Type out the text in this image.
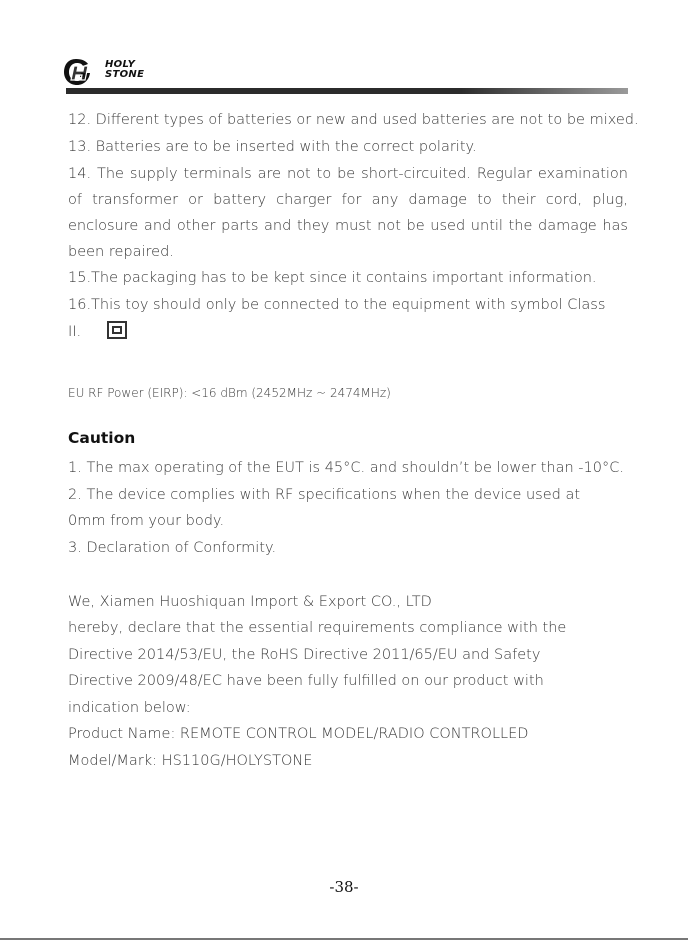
HOLY
STONE
12. Different types of batteries or new and used batteries are not to be mixed.
13. Batteries are to be inserted with the correct polarity.
14. The supply terminals are not to be short-circuited. Regular examination of transformer or battery charger for any damage to their cord, plug, enclosure and other parts and they must not be used until the damage has been repaired.
15.The packaging has to be kept since it contains important information.
16.This toy should only be connected to the equipment with symbol Class
II.
EU RF Power (EIRP): <16 dBm (2452MHz ~ 2474MHz)
Caution
1. The max operating of the EUT is 45°C. and shouldn’t be lower than -10°C.
2. The device complies with RF specifications when the device used at
0mm from your body.
3. Declaration of Conformity.
We, Xiamen Huoshiquan Import & Export CO., LTD
hereby, declare that the essential requirements compliance with the
Directive 2014/53/EU, the RoHS Directive 2011/65/EU and Safety
Directive 2009/48/EC have been fully fulfilled on our product with
indication below:
Product Name: REMOTE CONTROL MODEL/RADIO CONTROLLED
Model/Mark: HS110G/HOLYSTONE
-38-
